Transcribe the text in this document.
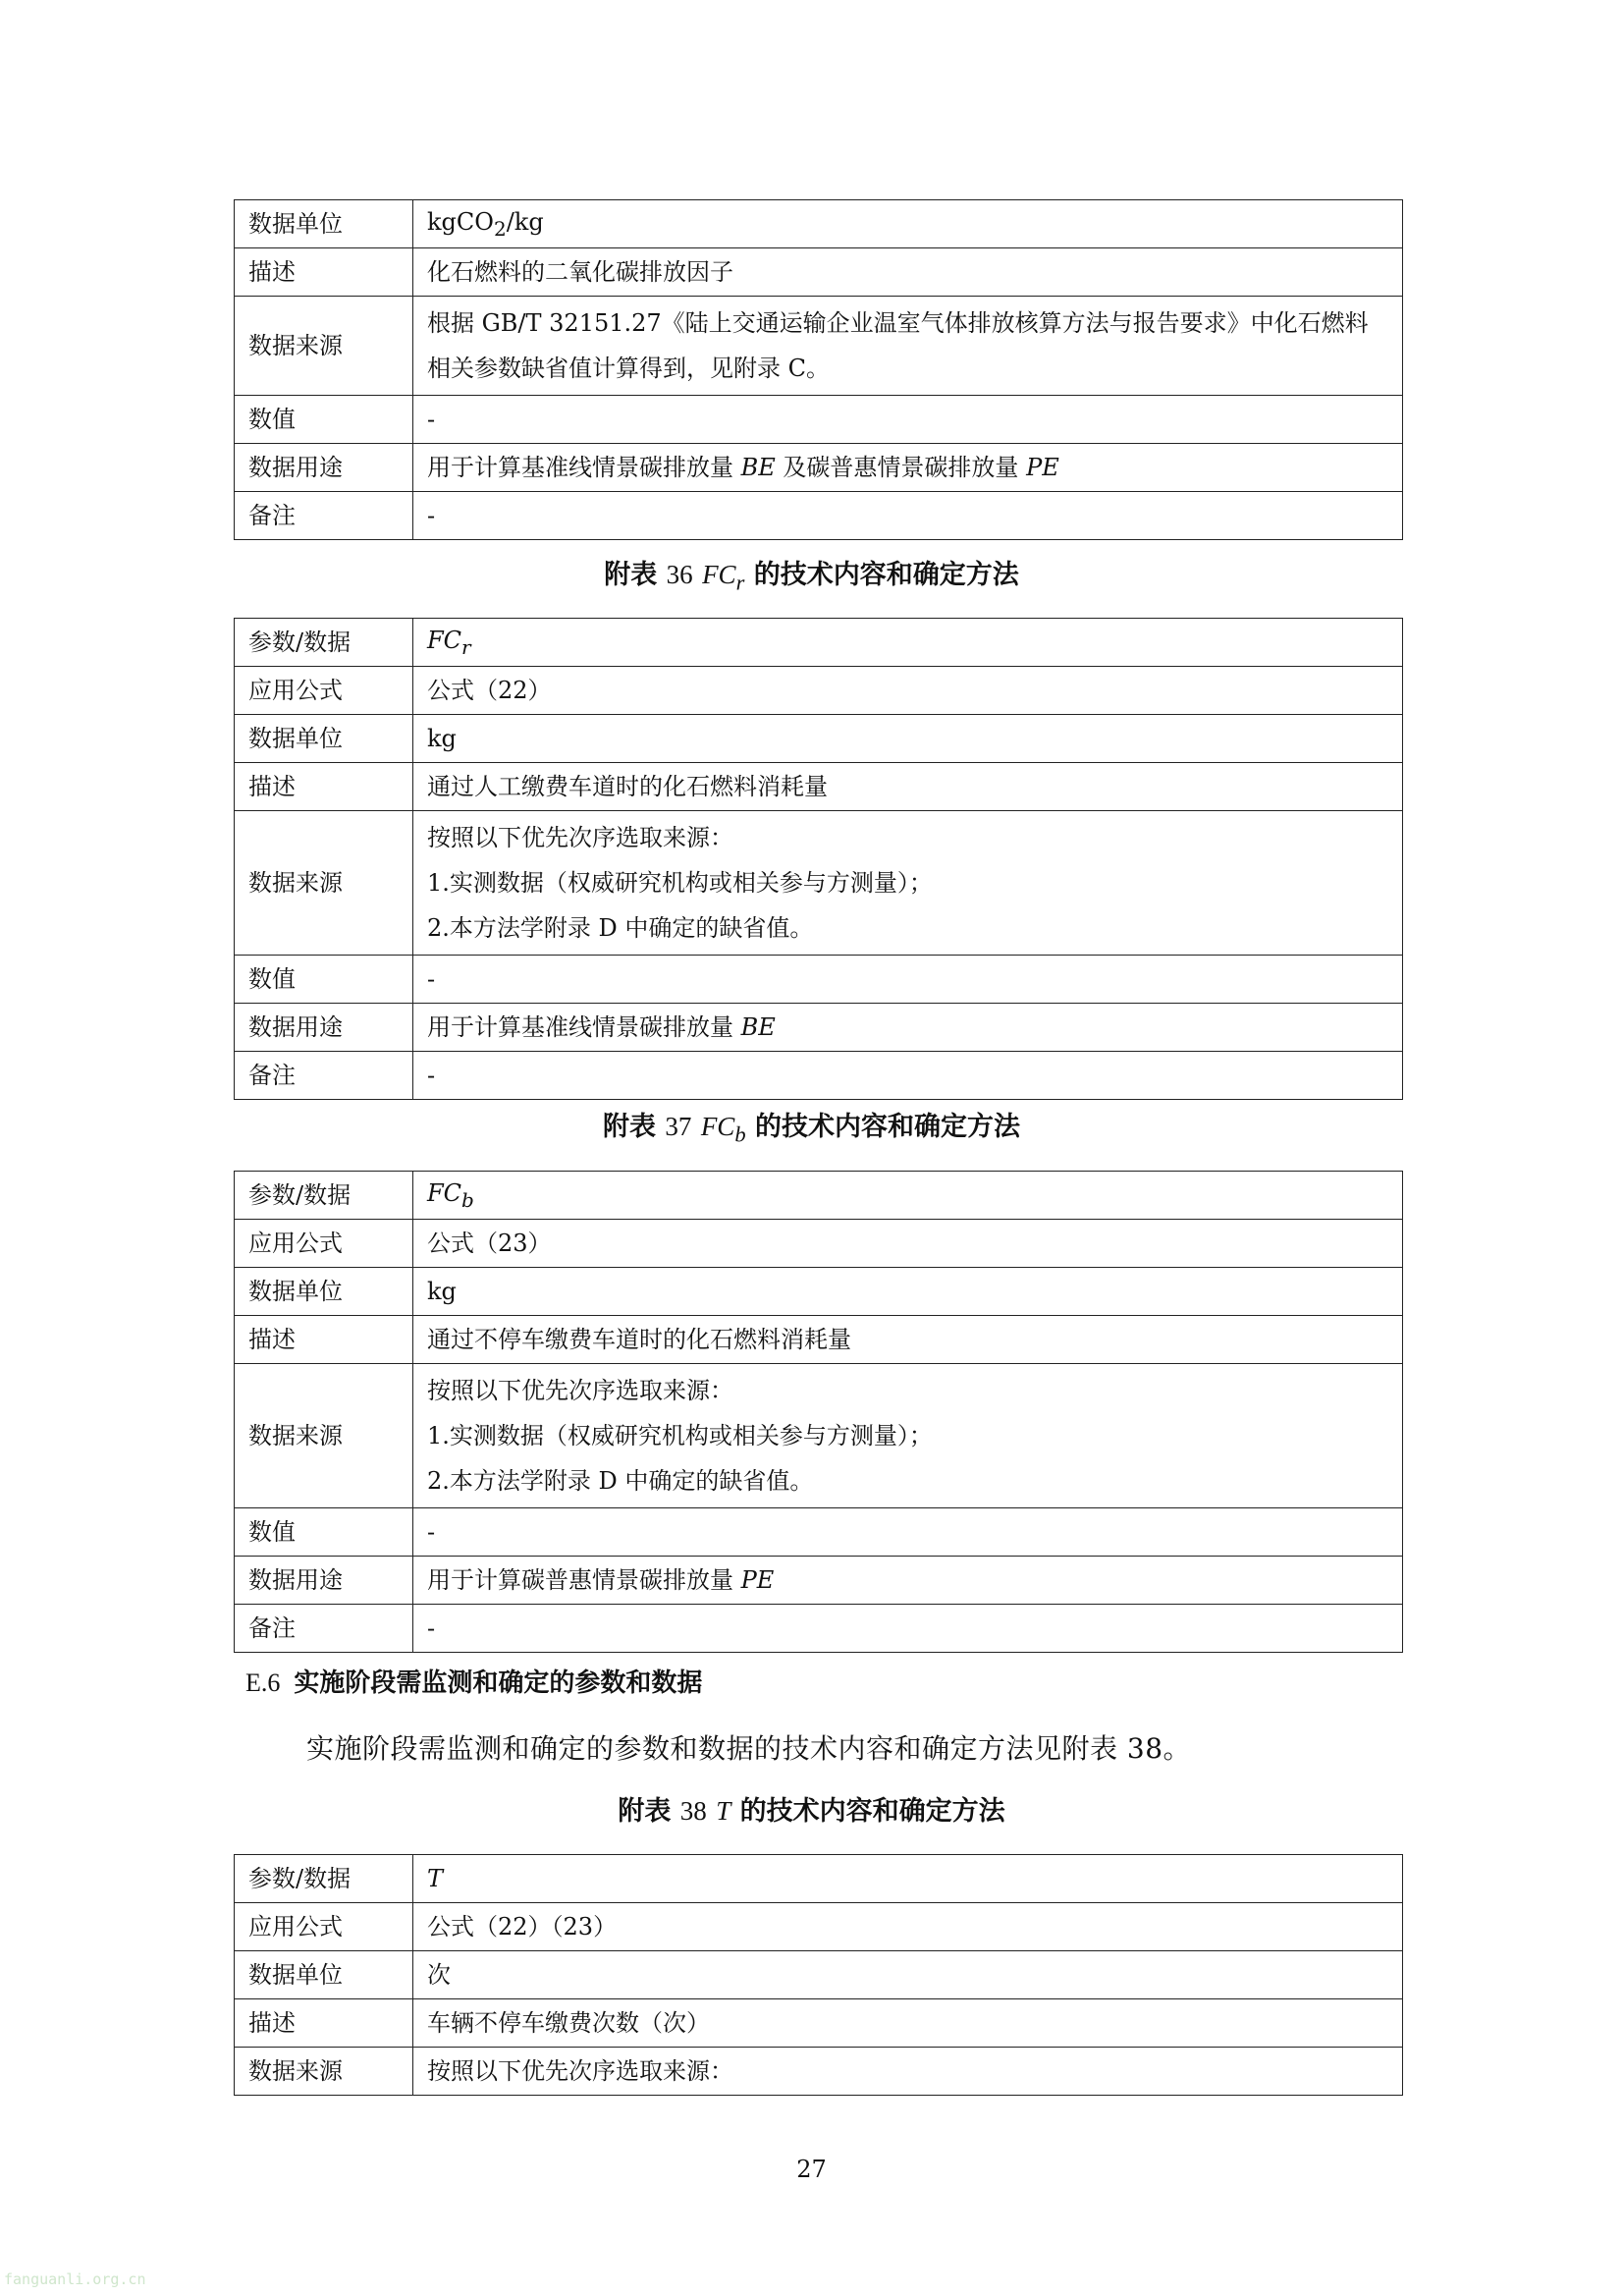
数据单位	kgCO$_2$/kg
描述	化石燃料的二氧化碳排放因子
数据来源	根据 GB/T 32151.27《陆上交通运输企业温室气体排放核算方法与报告要求》中化石燃料
相关参数缺省值计算得到，见附录 C。

数值	-
数据用途	用于计算基准线情景碳排放量 BE 及碳普惠情景碳排放量 PE
备注	-
附表 36 $FC_r$ 的技术内容和确定方法
参数/数据	$FC_r$
应用公式	公式（22）
数据单位	kg
描述	通过人工缴费车道时的化石燃料消耗量
数据来源	按照以下优先次序选取来源：
1.实测数据（权威研究机构或相关参与方测量）；
2.本方法学附录 D 中确定的缺省值。

数值	-
数据用途	用于计算基准线情景碳排放量 BE
备注	-
附表 37 $FC_b$ 的技术内容和确定方法
参数/数据	$FC_b$
应用公式	公式（23）
数据单位	kg
描述	通过不停车缴费车道时的化石燃料消耗量
数据来源	按照以下优先次序选取来源：
1.实测数据（权威研究机构或相关参与方测量）；
2.本方法学附录 D 中确定的缺省值。

数值	-
数据用途	用于计算碳普惠情景碳排放量 PE
备注	-
E.6 实施阶段需监测和确定的参数和数据
实施阶段需监测和确定的参数和数据的技术内容和确定方法见附表 38。
附表 38 T 的技术内容和确定方法
参数/数据	T
应用公式	公式（22）（23）
数据单位	次
描述	车辆不停车缴费次数（次）
数据来源	按照以下优先次序选取来源：
27
fanguanli.org.cn
